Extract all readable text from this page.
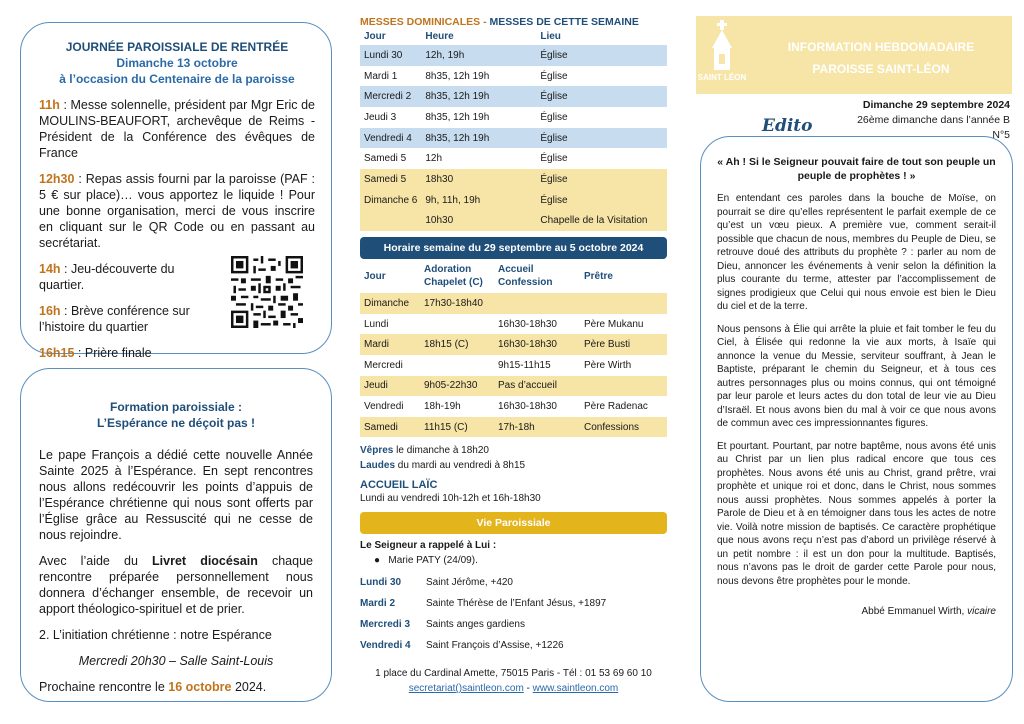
JOURNÉE PAROISSIALE DE RENTRÉE
Dimanche 13 octobre
à l’occasion du Centenaire de la paroisse
11h : Messe solennelle, président par Mgr Eric de MOULINS-BEAUFORT, archevêque de Reims - Président de la Conférence des évêques de France
12h30 : Repas assis fourni par la paroisse (PAF : 5 € sur place)… vous apportez le liquide ! Pour une bonne organisation, merci de vous inscrire en cliquant sur le QR Code ou en passant au secrétariat.
14h : Jeu-découverte du quartier.
16h : Brève conférence sur l’histoire du quartier
16h15 : Prière finale
Formation paroissiale :
L’Espérance ne déçoit pas !
Le pape François a dédié cette nouvelle Année Sainte 2025 à l’Espérance. En sept rencontres nous allons redécouvrir les points d’appuis de l’Espérance chrétienne qui nous sont offerts par l’Église grâce au Ressuscité qui ne cesse de nous rejoindre.
Avec l’aide du Livret diocésain chaque rencontre préparée personnellement nous donnera d’échanger ensemble, de recevoir un apport théologico-spirituel et de prier.
2. L’initiation chrétienne : notre Espérance
Mercredi 20h30 – Salle Saint-Louis
Prochaine rencontre le 16 octobre 2024.
MESSES DOMINICALES - MESSES DE CETTE SEMAINE
Jour	Heure	Lieu
Lundi 30	12h, 19h	Église
Mardi 1	8h35, 12h 19h	Église
Mercredi 2	8h35, 12h 19h	Église
Jeudi 3	8h35, 12h 19h	Église
Vendredi 4	8h35, 12h 19h	Église
Samedi 5	12h	Église
Samedi 5	18h30	Église
Dimanche 6	9h, 11h, 19h	Église
	10h30	Chapelle de la Visitation
Horaire semaine du 29 septembre au 5 octobre 2024
Jour	Adoration Chapelet (C)	Accueil Confession	Prêtre
Dimanche	17h30-18h40		
Lundi		16h30-18h30	Père Mukanu
Mardi	18h15 (C)	16h30-18h30	Père Busti
Mercredi		9h15-11h15	Père Wirth
Jeudi	9h05-22h30	Pas d’accueil	
Vendredi	18h-19h	16h30-18h30	Père Radenac
Samedi	11h15 (C)	17h-18h	Confessions
Vêpres le dimanche à 18h20
Laudes du mardi au vendredi à 8h15
ACCUEIL LAÏC
Lundi au vendredi 10h-12h et 16h-18h30
Vie Paroissiale
Le Seigneur a rappelé à Lui :
●   Marie PATY (24/09).
Lundi 30	Saint Jérôme, +420
Mardi 2	Sainte Thérèse de l’Enfant Jésus, +1897
Mercredi 3	Saints anges gardiens
Vendredi 4	Saint François d’Assise, +1226
1 place du Cardinal Amette, 75015 Paris - Tél : 01 53 69 60 10
secretariat()saintleon.com - www.saintleon.com
SAINT LÉON
INFORMATION HEBDOMADAIRE
PAROISSE SAINT-LÉON
Dimanche 29 septembre 2024
26ème dimanche dans l’année B
N°5
« Ah ! Si le Seigneur pouvait faire de tout son peuple un peuple de prophètes ! »
En entendant ces paroles dans la bouche de Moïse, on pourrait se dire qu’elles représentent le parfait exemple de ce qu’est un vœu pieux. A première vue, comment serait-il possible que chacun de nous, membres du Peuple de Dieu, se retrouve doué des attributs du prophète ? : parler au nom de Dieu, annoncer les événements à venir selon la définition la plus courante du terme, attester par l’accomplissement de signes prodigieux que Celui qui nous envoie est bien le Dieu du ciel et de la terre.
Nous pensons à Élie qui arrête la pluie et fait tomber le feu du Ciel, à Élisée qui redonne la vie aux morts, à Isaïe qui annonce la venue du Messie, serviteur souffrant, à Jean le Baptiste, préparant le chemin du Seigneur, et à tous ces autres personnages plus ou moins connus, qui ont témoigné par leur parole et leurs actes du don total de leur vie au Dieu d’Israël. Et nous avons bien du mal à voir ce que nous avons de commun avec ces impressionnantes figures.
Et pourtant. Pourtant, par notre baptême, nous avons été unis au Christ par un lien plus radical encore que tous ces prophètes. Nous avons été unis au Christ, grand prêtre, vrai prophète et unique roi et donc, dans le Christ, nous sommes nous aussi prophètes. Nous sommes appelés à porter la Parole de Dieu et à en témoigner dans tous les actes de notre vie. Voilà notre mission de baptisés. Ce caractère prophétique que nous avons reçu n’est pas d’abord un privilège réservé à un petit nombre : il est un don pour la multitude. Baptisés, nous n’avons pas le droit de garder cette Parole pour nous, nous devons être prophètes pour le monde.
Abbé Emmanuel Wirth, vicaire
Edito
